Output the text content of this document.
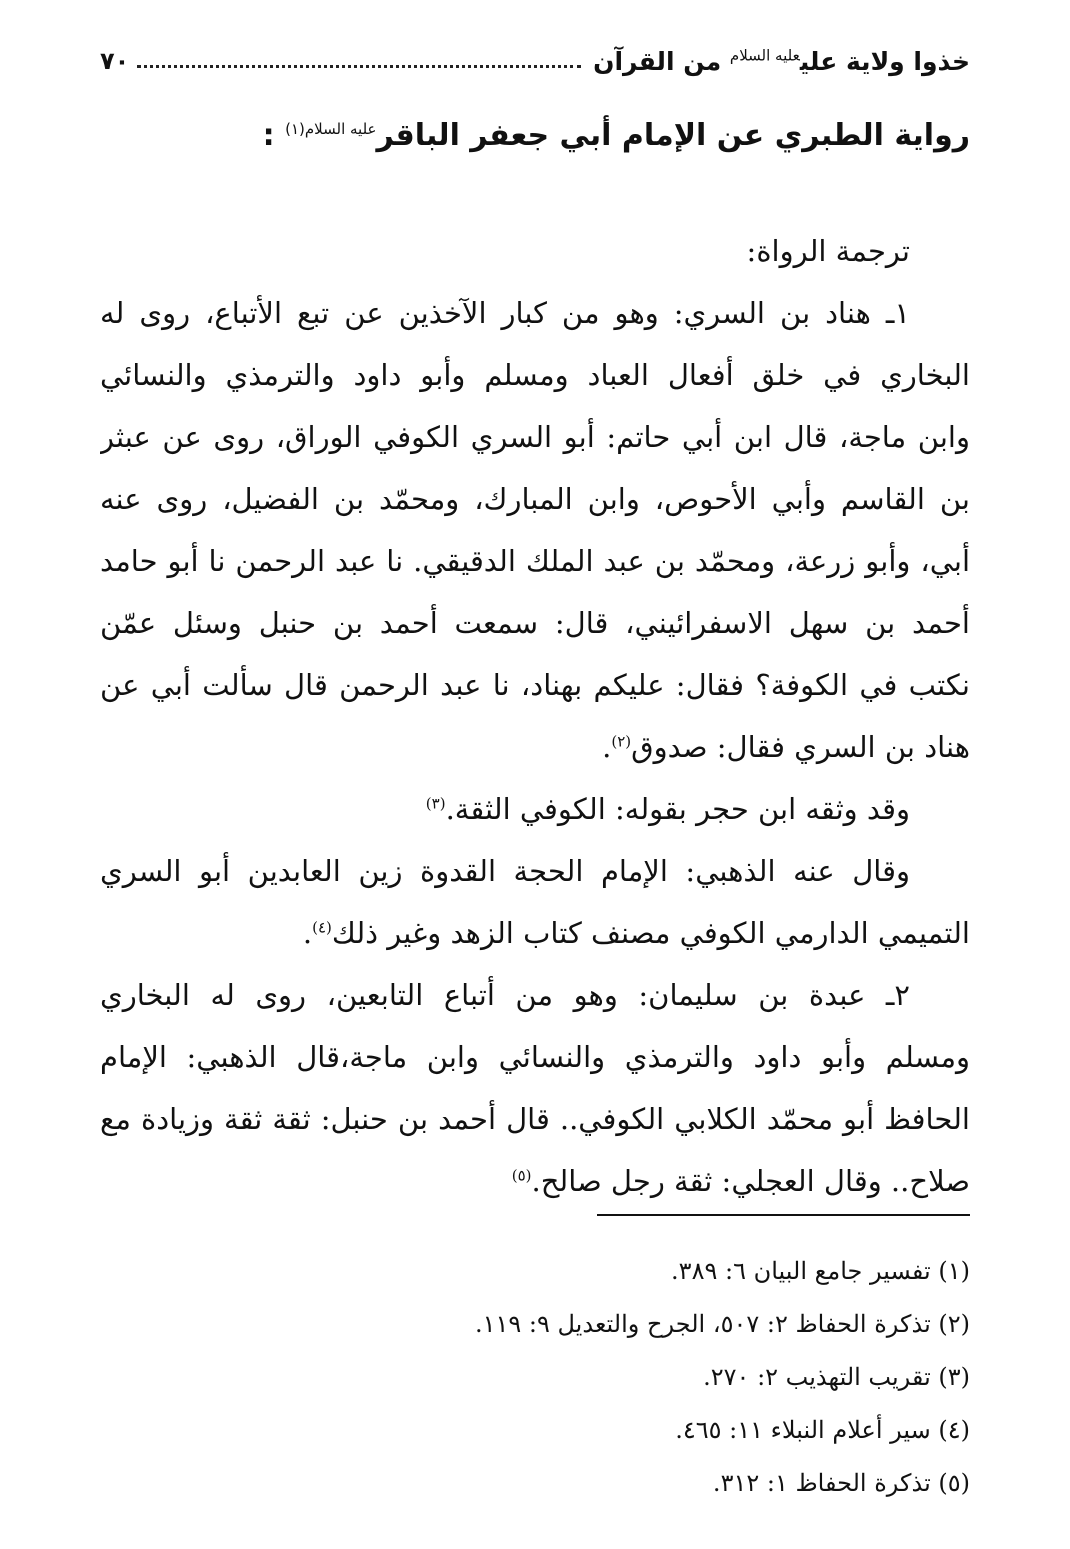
خذوا ولاية علي$^{عليه السلام}$ من القرآن
٧٠
رواية الطبري عن الإمام أبي جعفر الباقر$^{عليه السلام(١)}$ :
ترجمة الرواة:
١ـ هناد بن السري: وهو من كبار الآخذين عن تبع الأتباع، روى له
البخاري في خلق أفعال العباد ومسلم وأبو داود والترمذي والنسائي
وابن ماجة، قال ابن أبي حاتم: أبو السري الكوفي الوراق، روى عن عبثر
بن القاسم وأبي الأحوص، وابن المبارك، ومحمّد بن الفضيل، روى عنه
أبي، وأبو زرعة، ومحمّد بن عبد الملك الدقيقي. نا عبد الرحمن نا أبو حامد
أحمد بن سهل الاسفرائيني، قال: سمعت أحمد بن حنبل وسئل عمّن
نكتب في الكوفة؟ فقال: عليكم بهناد، نا عبد الرحمن قال سألت أبي عن
هناد بن السري فقال: صدوق$^{(٢)}$.
وقد وثقه ابن حجر بقوله: الكوفي الثقة.$^{(٣)}$
وقال عنه الذهبي: الإمام الحجة القدوة زين العابدين أبو السري
التميمي الدارمي الكوفي مصنف كتاب الزهد وغير ذلك$^{(٤)}$.
٢ـ عبدة بن سليمان: وهو من أتباع التابعين، روى له البخاري
ومسلم وأبو داود والترمذي والنسائي وابن ماجة،قال الذهبي: الإمام
الحافظ أبو محمّد الكلابي الكوفي.. قال أحمد بن حنبل: ثقة ثقة وزيادة مع
صلاح.. وقال العجلي: ثقة رجل صالح.$^{(٥)}$
(١) تفسير جامع البيان ٦: ٣٨٩.
(٢) تذكرة الحفاظ ٢: ٥٠٧، الجرح والتعديل ٩: ١١٩.
(٣) تقريب التهذيب ٢: ٢٧٠.
(٤) سير أعلام النبلاء ١١: ٤٦٥.
(٥) تذكرة الحفاظ ١: ٣١٢.
